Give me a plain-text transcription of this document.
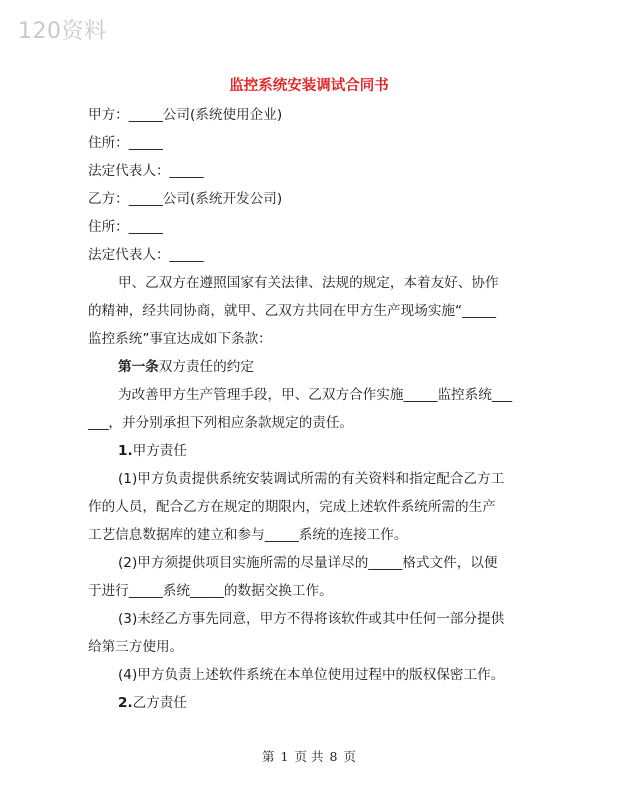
120资料
监控系统安装调试合同书
甲方：_____公司(系统使用企业)
住所：_____
法定代表人：_____
乙方：_____公司(系统开发公司)
住所：_____
法定代表人：_____
甲、乙双方在遵照国家有关法律、法规的规定，本着友好、协作
的精神，经共同协商，就甲、乙双方共同在甲方生产现场实施“_____
监控系统”事宜达成如下条款：
第一条双方责任的约定
为改善甲方生产管理手段，甲、乙双方合作实施_____监控系统___
___，并分别承担下列相应条款规定的责任。
1.甲方责任
(1)甲方负责提供系统安装调试所需的有关资料和指定配合乙方工
作的人员，配合乙方在规定的期限内，完成上述软件系统所需的生产
工艺信息数据库的建立和参与_____系统的连接工作。
(2)甲方须提供项目实施所需的尽量详尽的_____格式文件，以便
于进行_____系统_____的数据交换工作。
(3)未经乙方事先同意，甲方不得将该软件或其中任何一部分提供
给第三方使用。
(4)甲方负责上述软件系统在本单位使用过程中的版权保密工作。
2.乙方责任
第 1 页 共 8 页
